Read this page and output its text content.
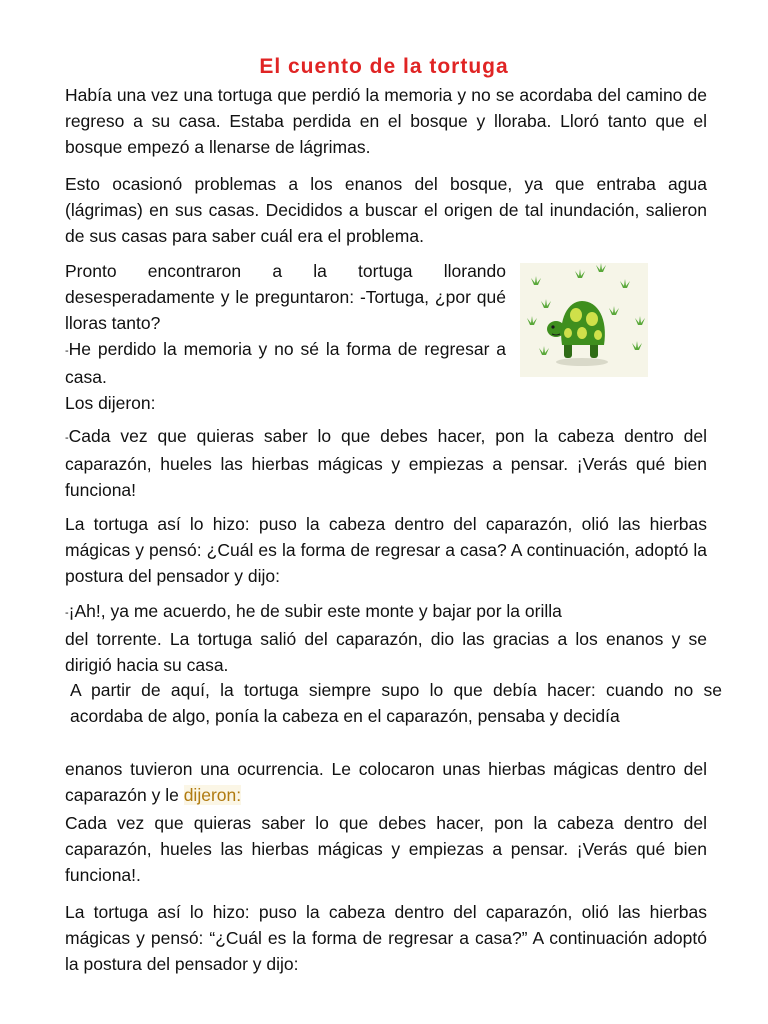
El cuento de la tortuga

Había una vez una tortuga que perdió la memoria y no se acordaba del camino de regreso a su casa. Estaba perdida en el bosque y lloraba. Lloró tanto que el bosque empezó a llenarse de lágrimas.

Esto ocasionó problemas a los enanos del bosque, ya que entraba agua (lágrimas) en sus casas. Decididos a buscar el origen de tal inundación, salieron de sus casas para saber cuál era el problema.

Pronto encontraron a la tortuga llorando desesperadamente y le preguntaron: -Tortuga, ¿por qué lloras tanto?

-He perdido la memoria y no sé la forma de regresar a casa.

Los dijeron:

-Cada vez que quieras saber lo que debes hacer, pon la cabeza dentro del caparazón, hueles las hierbas mágicas y empiezas a pensar. ¡Verás qué bien funciona!

La tortuga así lo hizo: puso la cabeza dentro del caparazón, olió las hierbas mágicas y pensó: ¿Cuál es la forma de regresar a casa? A continuación, adoptó la postura del pensador y dijo:

-¡Ah!, ya me acuerdo, he de subir este monte y bajar por la orilla
del torrente. La tortuga salió del caparazón, dio las gracias a los enanos y se dirigió hacia su casa.

A partir de aquí, la tortuga siempre supo lo que debía hacer: cuando no se acordaba de algo, ponía la cabeza en el caparazón, pensaba y decidía

enanos tuvieron una ocurrencia. Le colocaron unas hierbas mágicas dentro del caparazón y le dijeron:

Cada vez que quieras saber lo que debes hacer, pon la cabeza dentro del caparazón, hueles las hierbas mágicas y empiezas a pensar. ¡Verás qué bien funciona!.

La tortuga así lo hizo: puso la cabeza dentro del caparazón, olió las hierbas mágicas y pensó: “¿Cuál es la forma de regresar a casa?” A continuación adoptó la postura del pensador y dijo:
